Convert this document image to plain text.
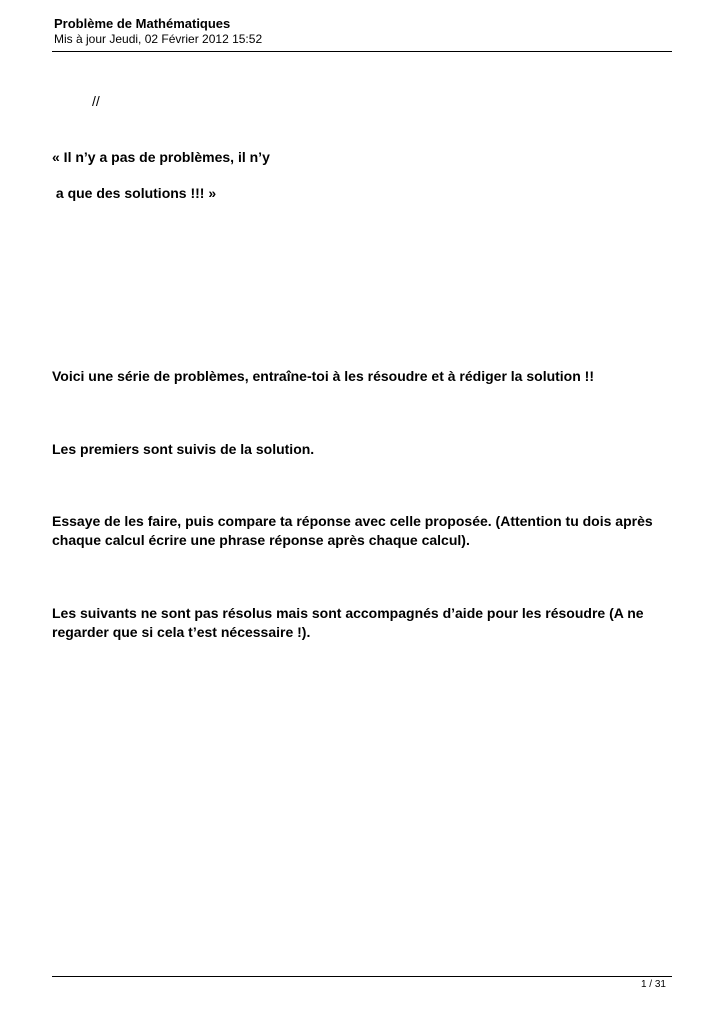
Problème de Mathématiques
Mis à jour Jeudi, 02 Février 2012 15:52
//
« Il n’y a pas de problèmes, il n’y
a que des solutions !!! »
Voici une série de problèmes, entraîne-toi à les résoudre et à rédiger la solution !!
Les premiers sont suivis de la solution.
Essaye de les faire, puis compare ta réponse avec celle proposée. (Attention tu dois après chaque calcul écrire une phrase réponse après chaque calcul).
Les suivants ne sont pas résolus mais sont accompagnés d’aide pour les résoudre (A ne regarder que si cela t’est nécessaire !).
1 / 31
